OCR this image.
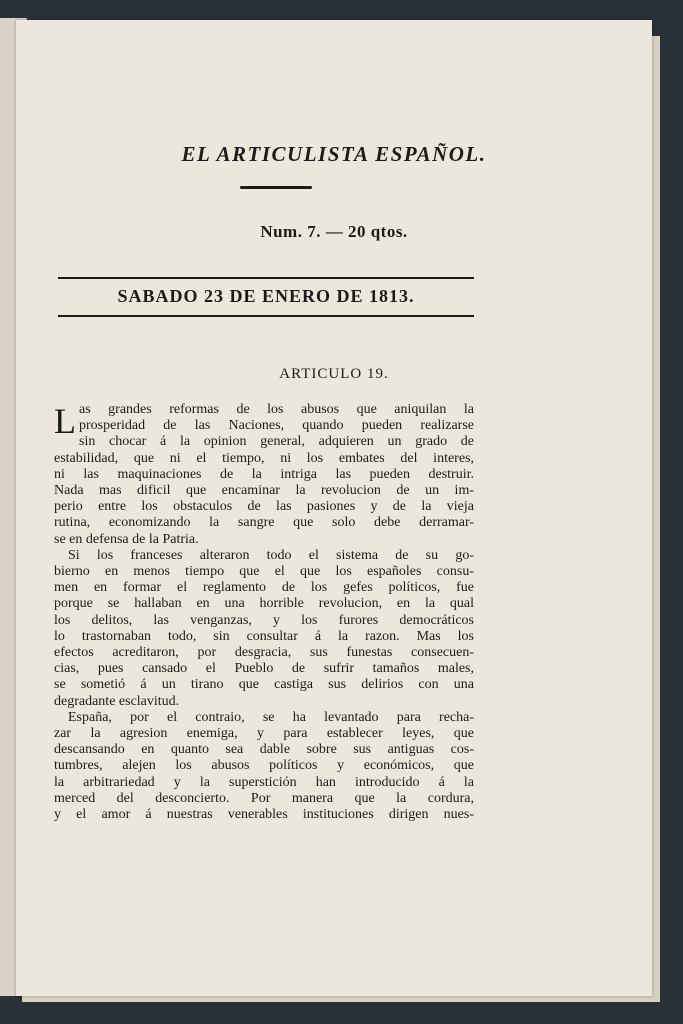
EL ARTICULISTA ESPAÑOL.
Num. 7. — 20 qtos.
SABADO 23 DE ENERO DE 1813.
ARTICULO 19.
L as grandes reformas de los abusos que aniquilan la
prosperidad de las Naciones, quando pueden realizarse
sin chocar á la opinion general, adquieren un grado de
estabilidad, que ni el tiempo, ni los embates del interes,
ni las maquinaciones de la intriga las pueden destruir.
Nada mas dificil que encaminar la revolucion de un im-
perio entre los obstaculos de las pasiones y de la vieja
rutina, economizando la sangre que solo debe derramar-
se en defensa de la Patria.
Si los franceses alteraron todo el sistema de su go-
bierno en menos tiempo que el que los españoles consu-
men en formar el reglamento de los gefes políticos, fue
porque se hallaban en una horrible revolucion, en la qual
los delitos, las venganzas, y los furores democráticos
lo trastornaban todo, sin consultar á la razon. Mas los
efectos acreditaron, por desgracia, sus funestas consecuen-
cias, pues cansado el Pueblo de sufrir tamaños males,
se sometió á un tirano que castiga sus delirios con una
degradante esclavitud.
España, por el contraio, se ha levantado para recha-
zar la agresion enemiga, y para establecer leyes, que
descansando en quanto sea dable sobre sus antiguas cos-
tumbres, alejen los abusos políticos y económicos, que
la arbitrariedad y la superstición han introducido á la
merced del desconcierto. Por manera que la cordura,
y el amor á nuestras venerables instituciones dirigen nues-
